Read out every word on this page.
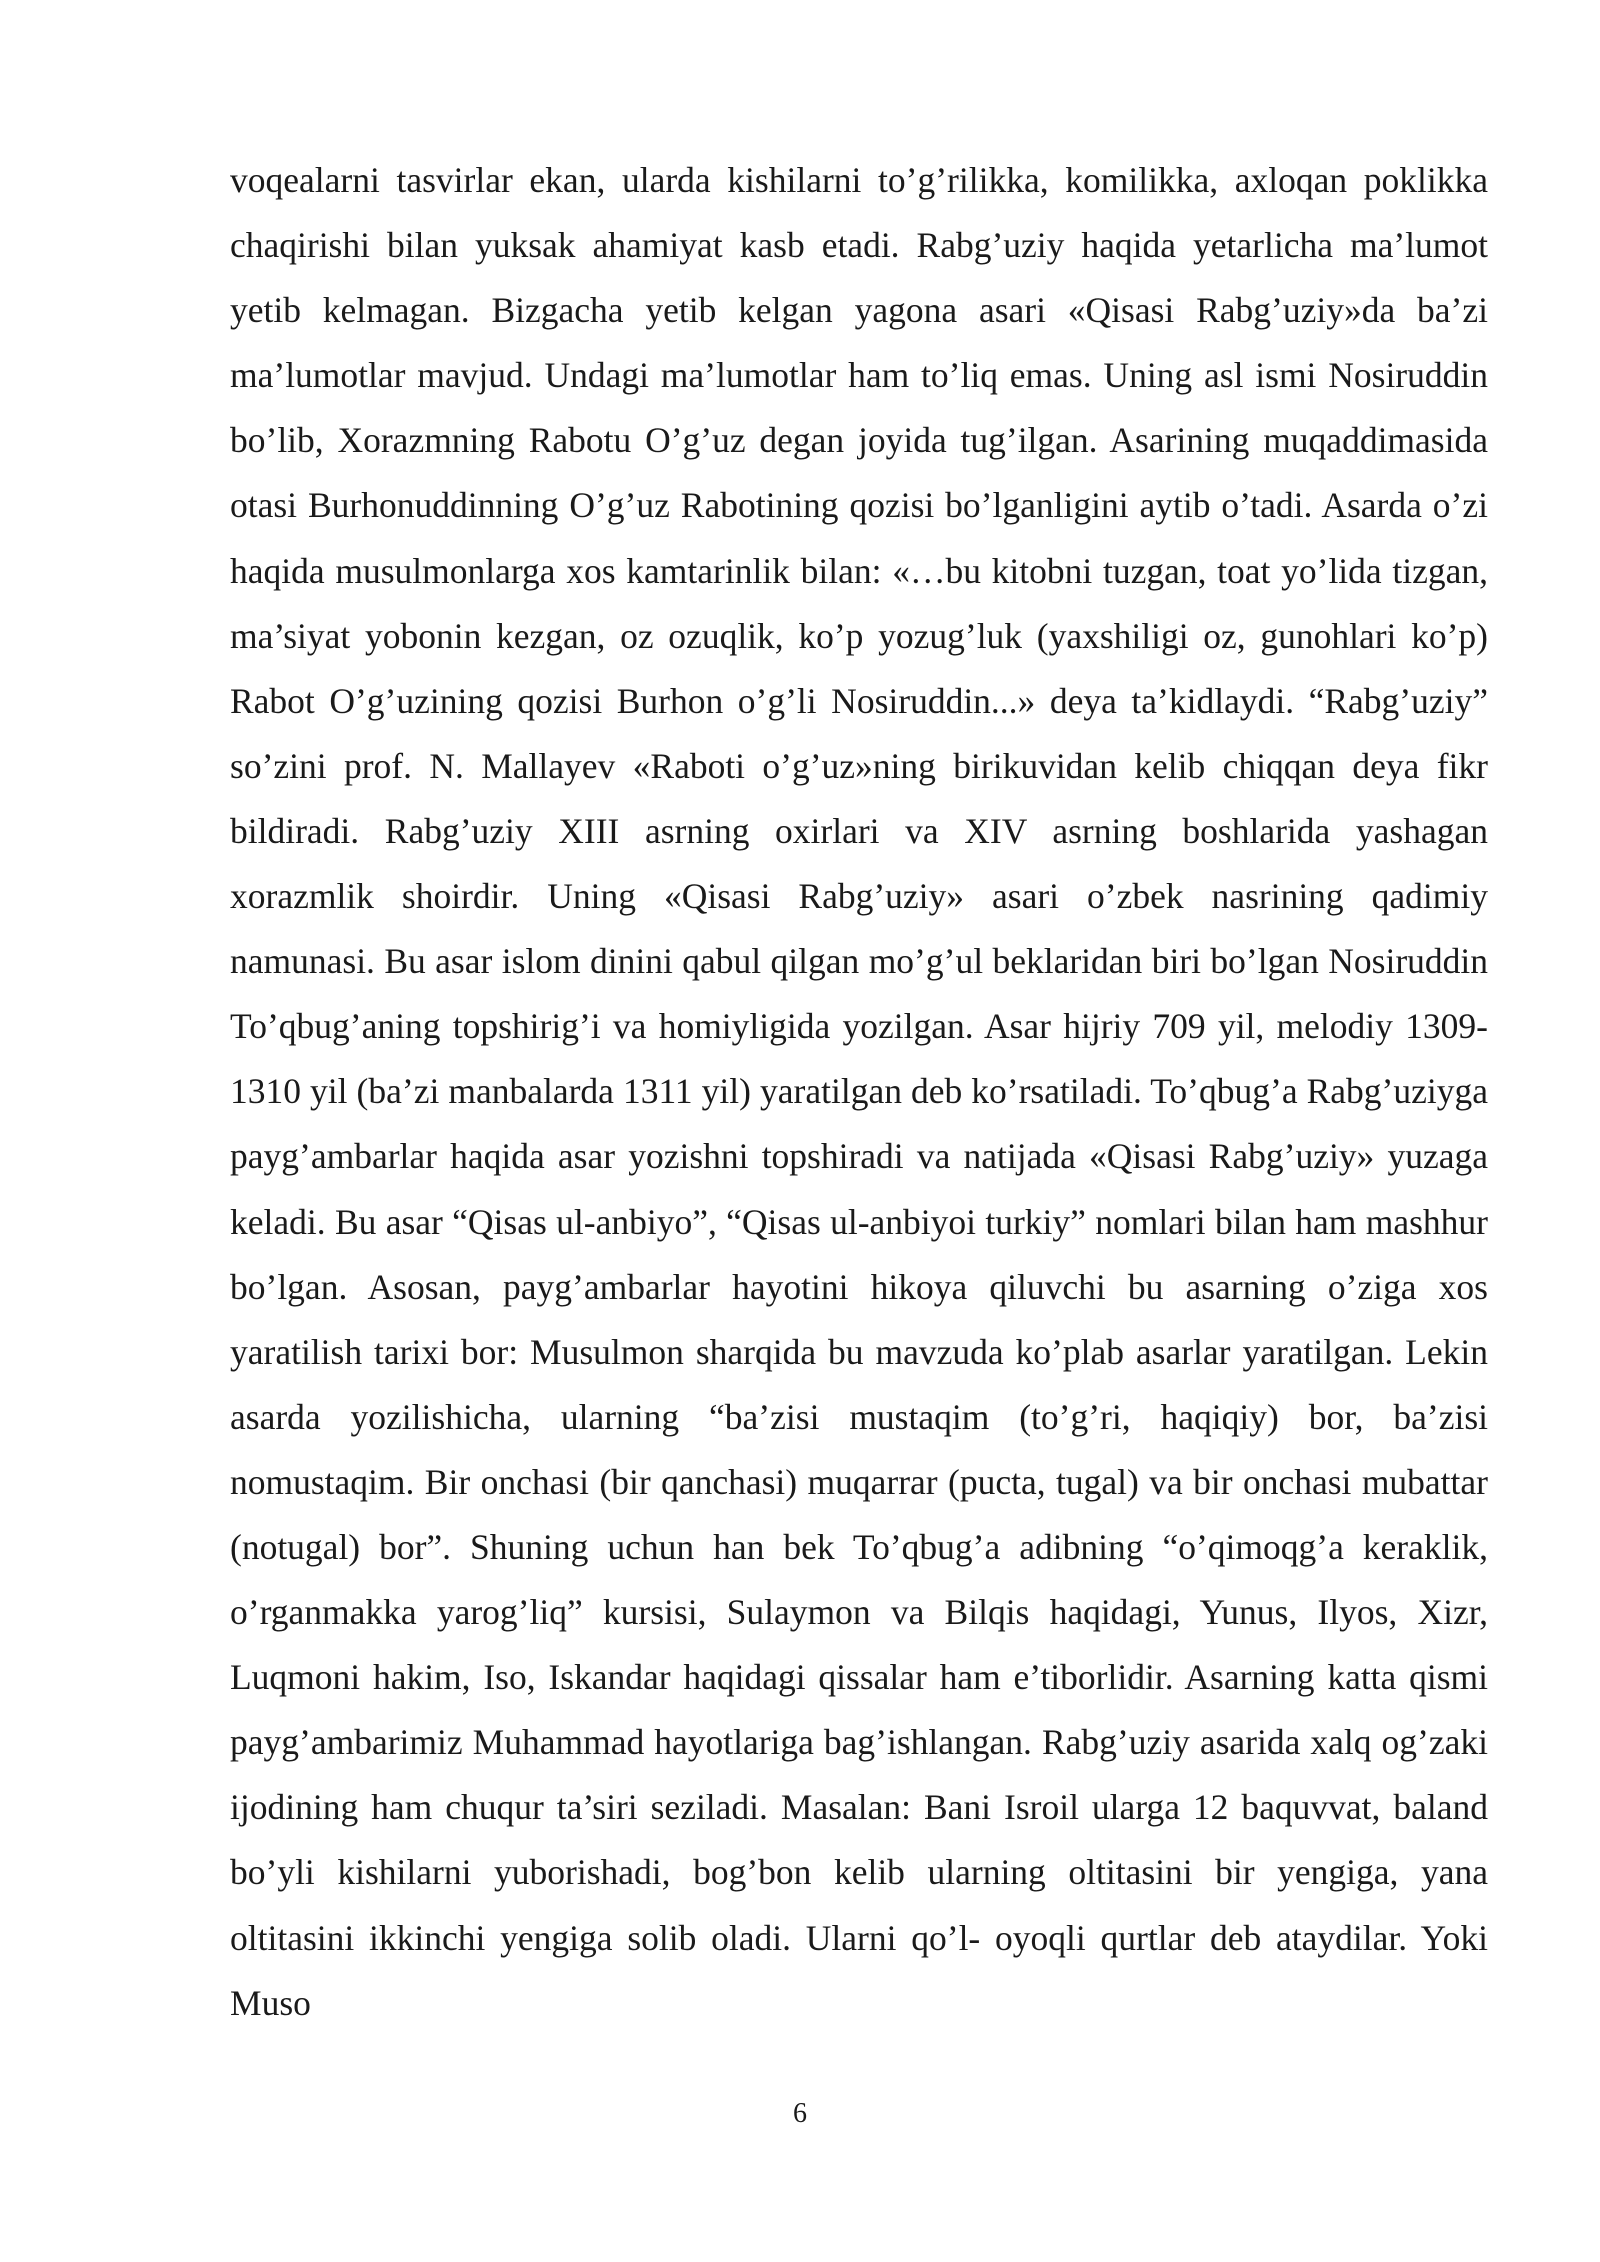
voqealarni tasvirlar ekan, ularda kishilarni to’g’rilikka, komilikka, axloqan poklikka chaqirishi bilan yuksak ahamiyat kasb etadi. Rabg’uziy haqida yetarlicha ma’lumot yetib kelmagan. Bizgacha yetib kelgan yagona asari «Qisasi Rabg’uziy»da ba’zi ma’lumotlar mavjud. Undagi ma’lumotlar ham to’liq emas. Uning asl ismi Nosiruddin bo’lib, Xorazmning Rabotu O’g’uz degan joyida tug’ilgan. Asarining muqaddimasida otasi Burhonuddinning O’g’uz Rabotining qozisi bo’lganligini aytib o’tadi. Asarda o’zi haqida musulmonlarga xos kamtarinlik bilan: «…bu kitobni tuzgan, toat yo’lida tizgan, ma’siyat yobonin kezgan, oz ozuqlik, ko’p yozug’luk (yaxshiligi oz, gunohlari ko’p) Rabot O’g’uzining qozisi Burhon o’g’li Nosiruddin...» deya ta’kidlaydi. “Rabg’uziy” so’zini prof. N. Mallayev «Raboti o’g’uz»ning birikuvidan kelib chiqqan deya fikr bildiradi. Rabg’uziy XIII asrning oxirlari va XIV asrning boshlarida yashagan xorazmlik shoirdir. Uning «Qisasi Rabg’uziy» asari o’zbek nasrining qadimiy namunasi. Bu asar islom dinini qabul qilgan mo’g’ul beklaridan biri bo’lgan Nosiruddin To’qbug’aning topshirig’i va homiyligida yozilgan. Asar hijriy 709 yil, melodiy 1309-1310 yil (ba’zi manbalarda 1311 yil) yaratilgan deb ko’rsatiladi. To’qbug’a Rabg’uziyga payg’ambarlar haqida asar yozishni topshiradi va natijada «Qisasi Rabg’uziy» yuzaga keladi. Bu asar “Qisas ul-anbiyo”, “Qisas ul-anbiyoi turkiy” nomlari bilan ham mashhur bo’lgan. Asosan, payg’ambarlar hayotini hikoya qiluvchi bu asarning o’ziga xos yaratilish tarixi bor: Musulmon sharqida bu mavzuda ko’plab asarlar yaratilgan. Lekin asarda yozilishicha, ularning “ba’zisi mustaqim (to’g’ri, haqiqiy) bor, ba’zisi nomustaqim. Bir onchasi (bir qanchasi) muqarrar (pucta, tugal) va bir onchasi mubattar (notugal) bor”. Shuning uchun han bek To’qbug’a adibning “o’qimoqg’a keraklik, o’rganmakka yarog’liq” kursisi, Sulaymon va Bilqis haqidagi, Yunus, Ilyos, Xizr, Luqmoni hakim, Iso, Iskandar haqidagi qissalar ham e’tiborlidir. Asarning katta qismi payg’ambarimiz Muhammad hayotlariga bag’ishlangan. Rabg’uziy asarida xalq og’zaki ijodining ham chuqur ta’siri seziladi. Masalan: Bani Isroil ularga 12 baquvvat, baland bo’yli kishilarni yuborishadi, bog’bon kelib ularning oltitasini bir yengiga, yana oltitasini ikkinchi yengiga solib oladi. Ularni qo’l- oyoqli qurtlar deb ataydilar. Yoki Muso

6
